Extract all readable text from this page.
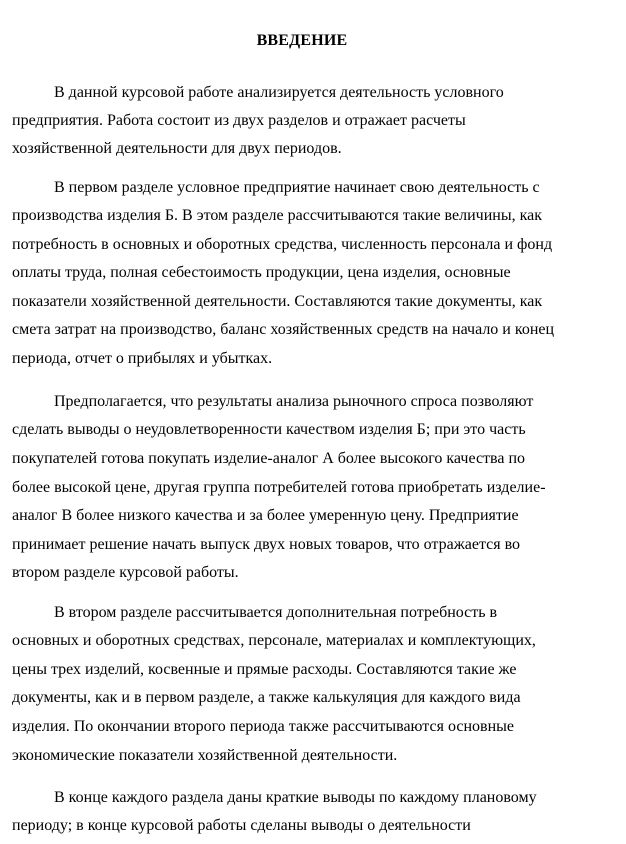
ВВЕДЕНИЕ
В данной курсовой работе анализируется деятельность условного
предприятия. Работа состоит из двух разделов и отражает расчеты
хозяйственной деятельности для двух периодов.
В первом разделе условное предприятие начинает свою деятельность с
производства изделия Б. В этом разделе рассчитываются такие величины, как
потребность в основных и оборотных средства, численность персонала и фонд
оплаты труда, полная себестоимость продукции, цена изделия, основные
показатели хозяйственной деятельности. Составляются такие документы, как
смета затрат на производство, баланс хозяйственных средств на начало и конец
периода, отчет о прибылях и убытках.
Предполагается, что результаты анализа рыночного спроса позволяют
сделать выводы о неудовлетворенности качеством изделия Б; при это часть
покупателей готова покупать изделие-аналог А более высокого качества по
более высокой цене, другая группа потребителей готова приобретать изделие-
аналог В более низкого качества и за более умеренную цену. Предприятие
принимает решение начать выпуск двух новых товаров, что отражается во
втором разделе курсовой работы.
В втором разделе рассчитывается дополнительная потребность в
основных и оборотных средствах, персонале, материалах и комплектующих,
цены трех изделий, косвенные и прямые расходы. Составляются такие же
документы, как и в первом разделе, а также калькуляция для каждого вида
изделия. По окончании второго периода также рассчитываются основные
экономические показатели хозяйственной деятельности.
В конце каждого раздела даны краткие выводы по каждому плановому
периоду; в конце курсовой работы сделаны выводы о деятельности
